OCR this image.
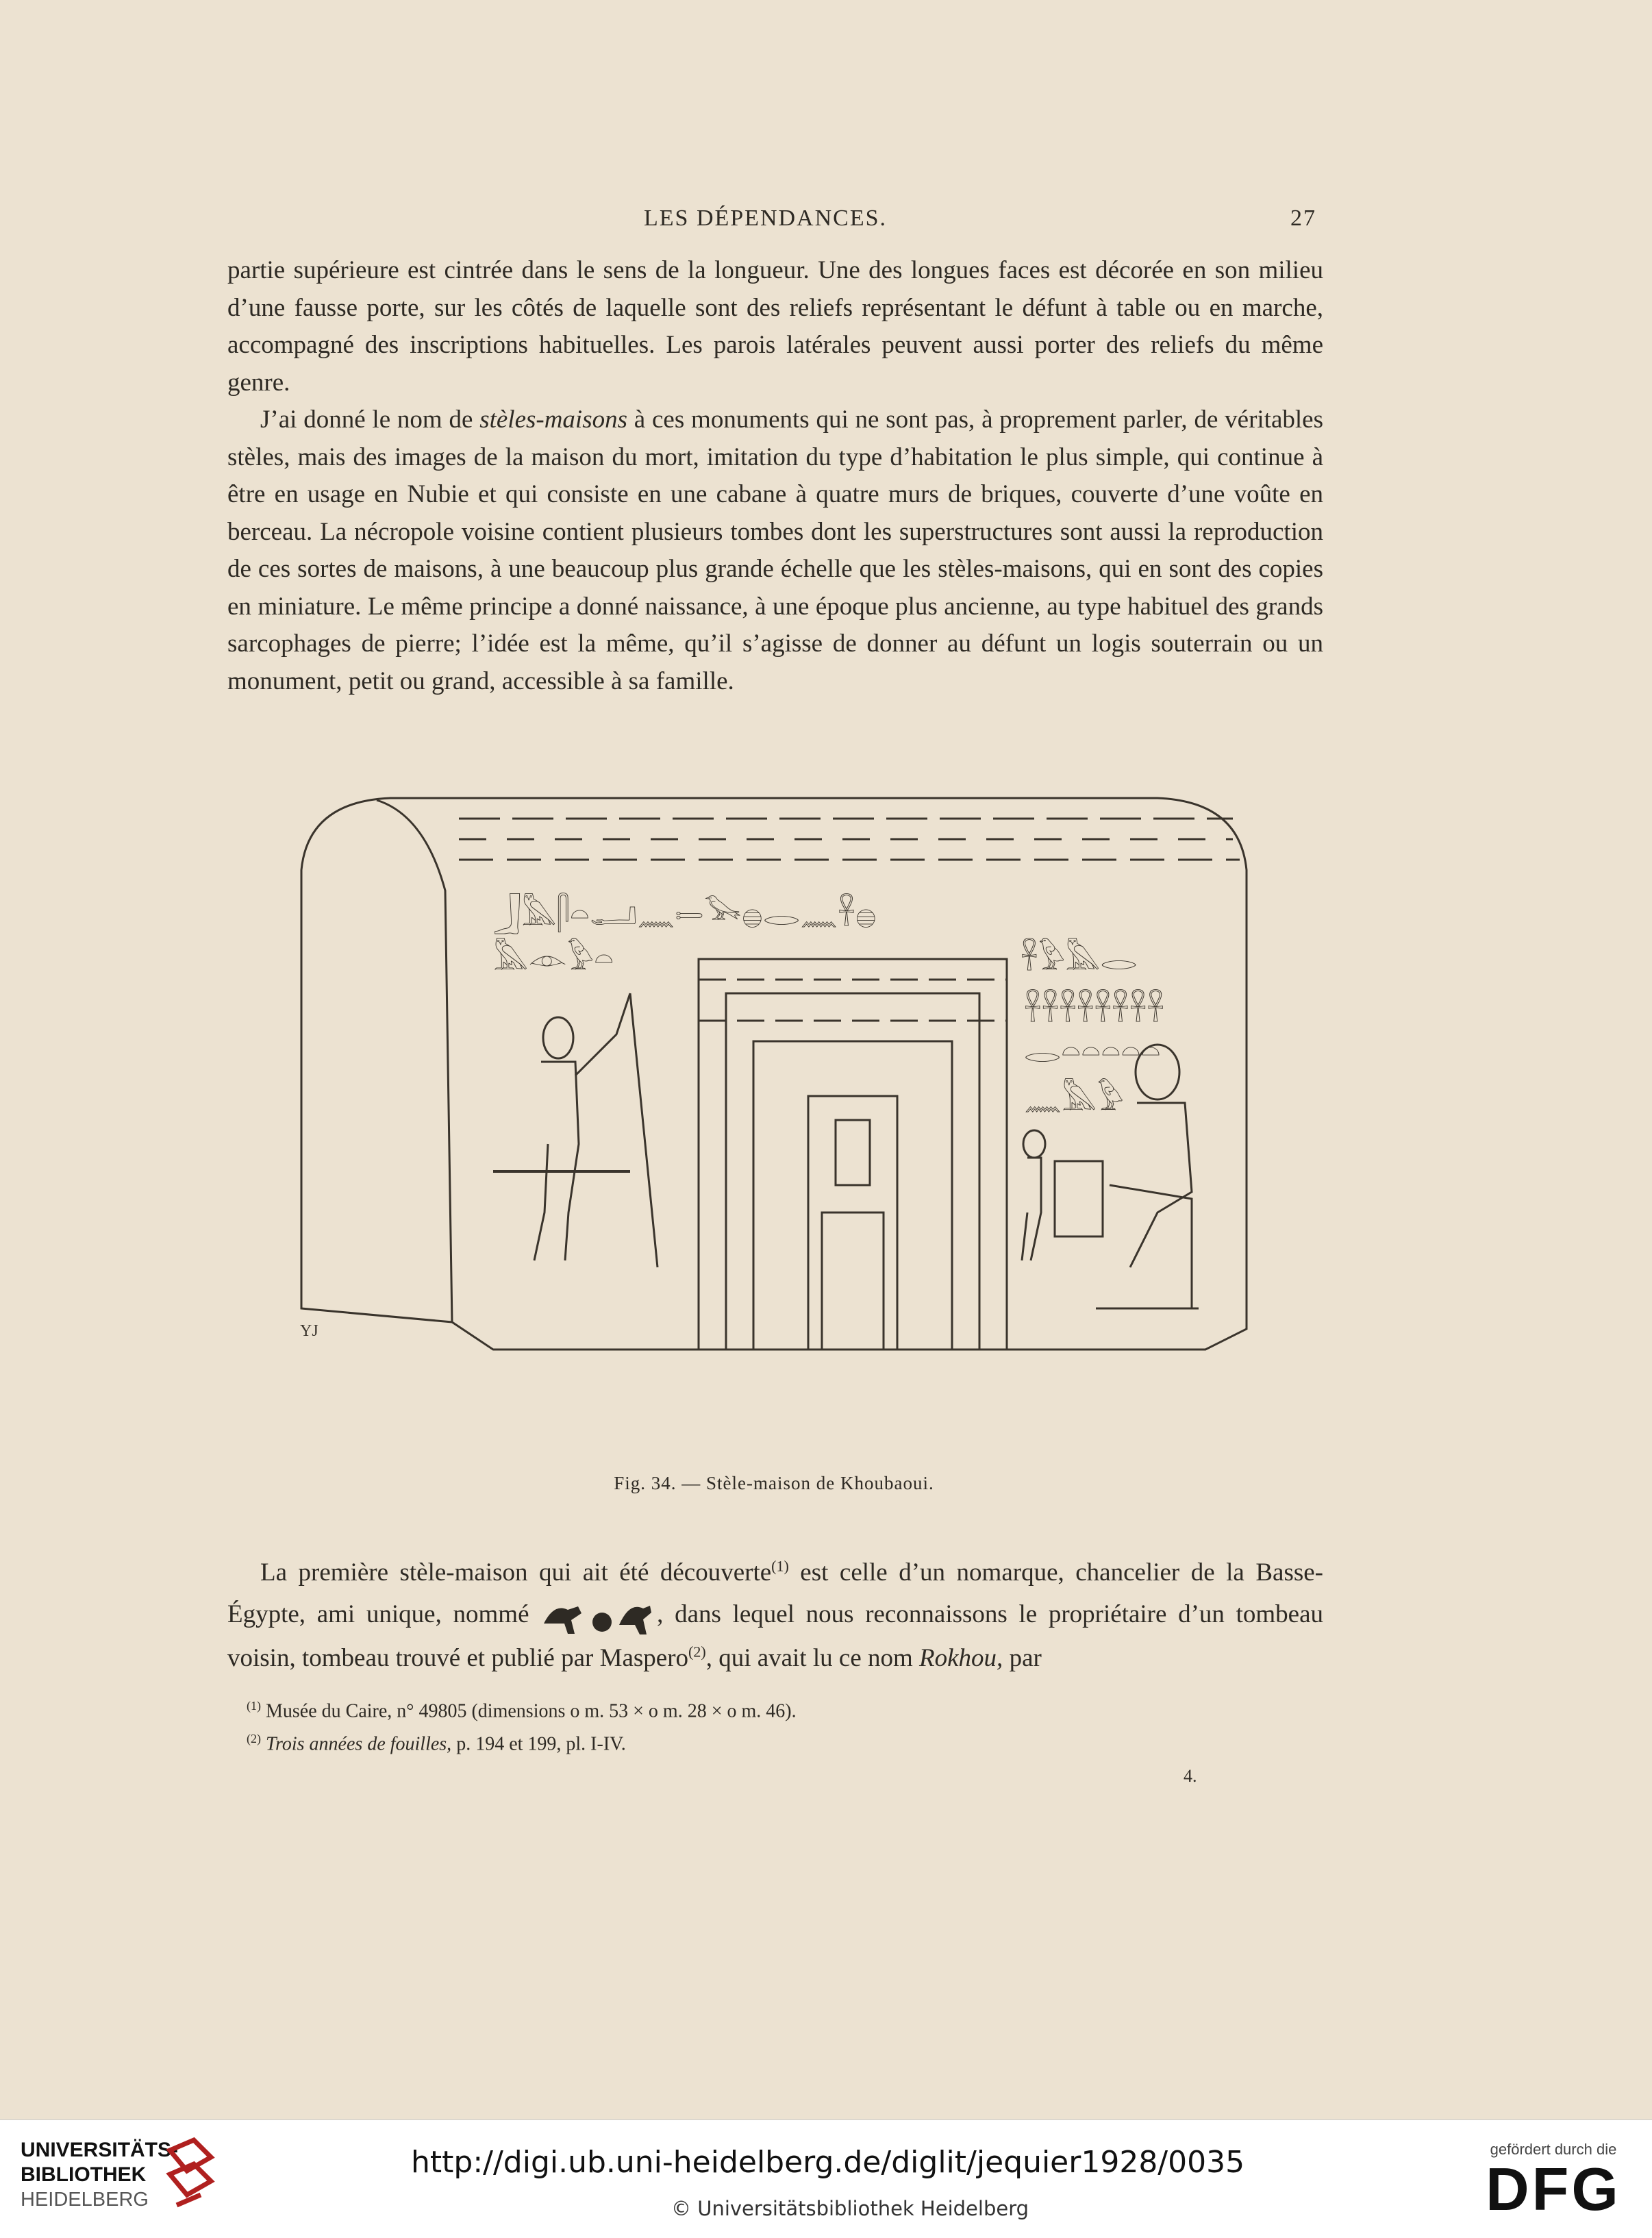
LES DÉPENDANCES.	27

partie supérieure est cintrée dans le sens de la longueur. Une des longues faces est décorée en son milieu d’une fausse porte, sur les côtés de laquelle sont des reliefs représentant le défunt à table ou en marche, accompagné des inscriptions habituelles. Les parois latérales peuvent aussi porter des reliefs du même genre.

J’ai donné le nom de stèles-maisons à ces monuments qui ne sont pas, à proprement parler, de véritables stèles, mais des images de la maison du mort, imitation du type d’habitation le plus simple, qui continue à être en usage en Nubie et qui consiste en une cabane à quatre murs de briques, couverte d’une voûte en berceau. La nécropole voisine contient plusieurs tombes dont les superstructures sont aussi la reproduction de ces sortes de maisons, à une beaucoup plus grande échelle que les stèles-maisons, qui en sont des copies en miniature. Le même principe a donné naissance, à une époque plus ancienne, au type habituel des grands sarcophages de pierre; l’idée est la même, qu’il s’agisse de donner au défunt un logis souterrain ou un monument, petit ou grand, accessible à sa famille.

𓃀𓅓𓋴𓏏𓂝𓈖𓍿𓅨𓐍𓂋𓈖𓋹𓐍
𓅓𓁹𓅱𓏏	𓋹𓅱𓅓𓂋
𓋹𓋹𓋹𓋹𓋹𓋹𓋹𓋹
𓂋𓏏𓏏𓏏𓏏𓏏
𓈖𓅓𓅱
YJ
Fig. 34. — Stèle-maison de Khoubaoui.

La première stèle-maison qui ait été découverte$^{(1)}$ est celle d’un nomarque, chancelier de la Basse-Égypte, ami unique, nommé	, dans lequel nous reconnaissons le propriétaire d’un tombeau voisin, tombeau trouvé et publié par Maspero$^{(2)}$, qui avait lu ce nom Rokhou, par

$^{(1)}$ Musée du Caire, n° 49805 (dimensions o m. 53 × o m. 28 × o m. 46).
$^{(2)}$ Trois années de fouilles, p. 194 et 199, pl. I-IV.
4.
UNIVERSITÄTS-
BIBLIOTHEK
HEIDELBERG
http://digi.ub.uni-heidelberg.de/diglit/jequier1928/0035
© Universitätsbibliothek Heidelberg
gefördert durch die
DFG
